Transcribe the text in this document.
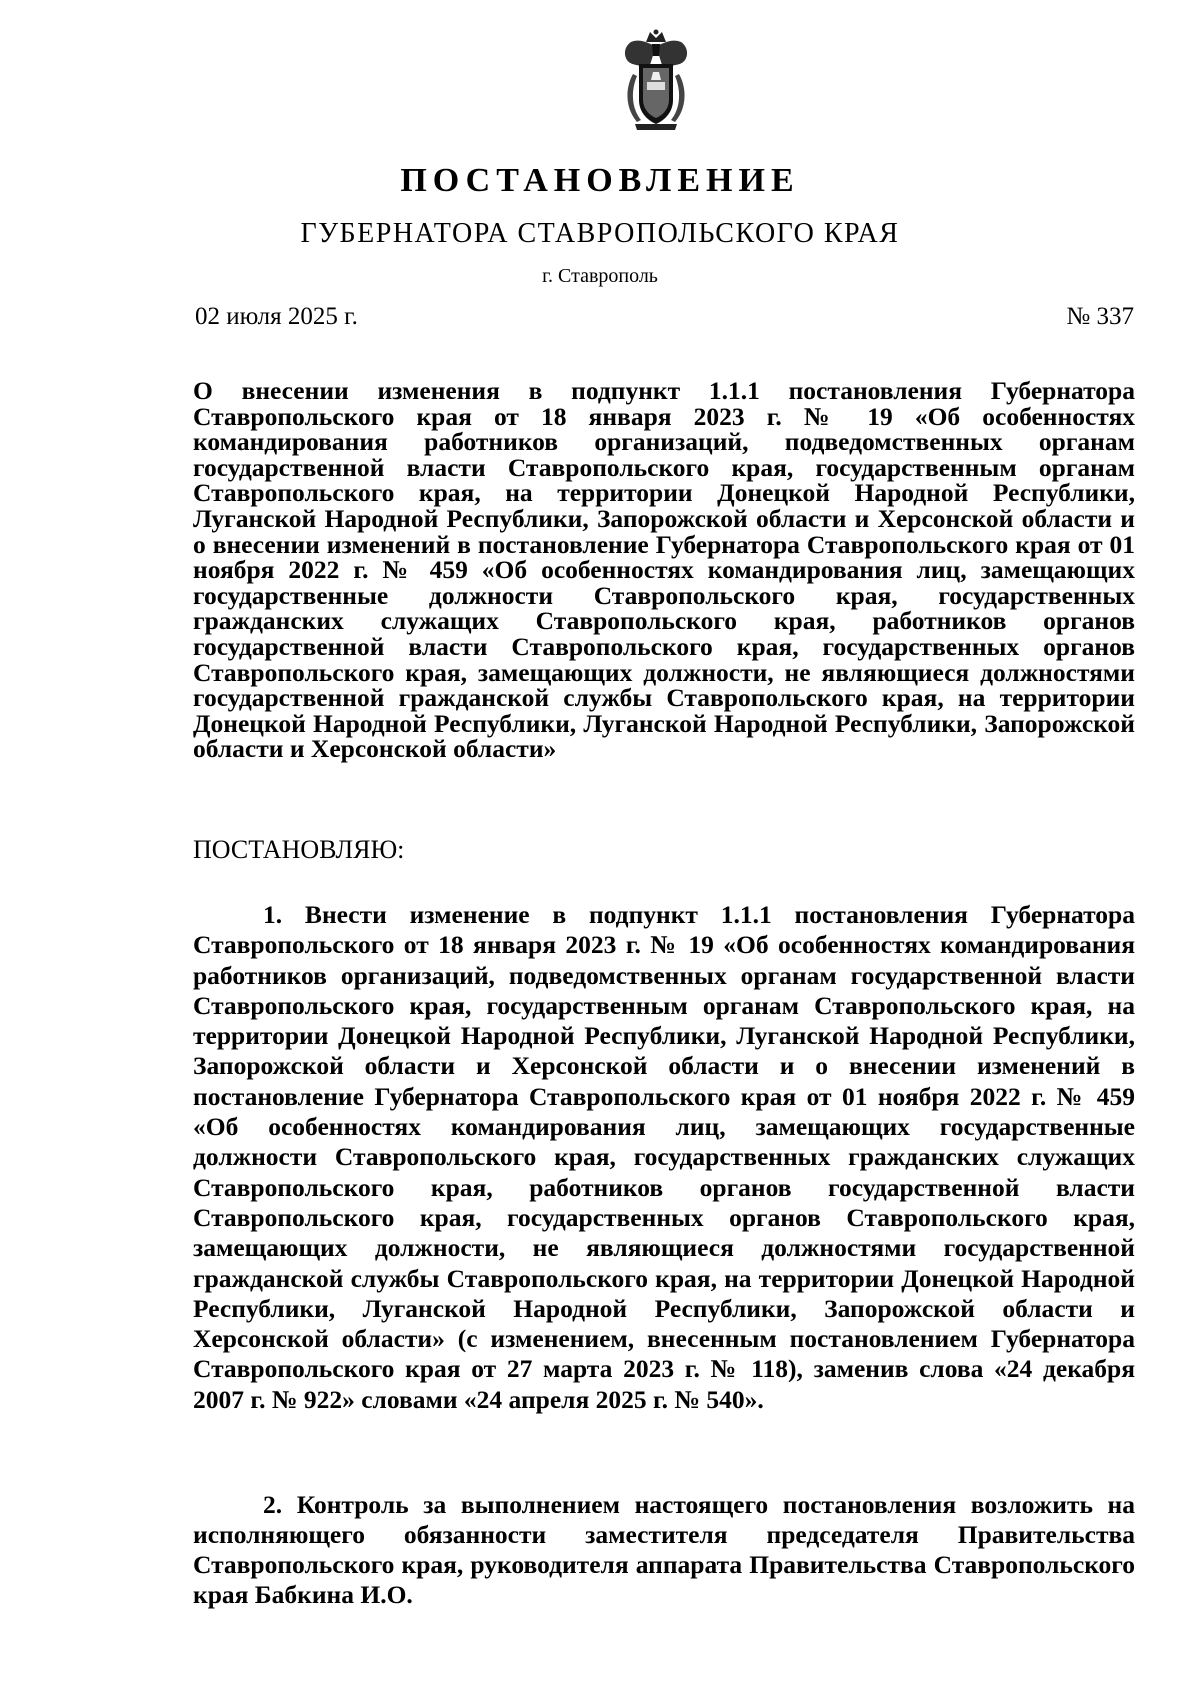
ПОСТАНОВЛЕНИЕ
ГУБЕРНАТОРА СТАВРОПОЛЬСКОГО КРАЯ
г. Ставрополь
02 июля 2025 г.	№ 337
О внесении изменения в подпункт 1.1.1 постановления Губернатора Ставропольского края от 18 января 2023 г. № 19 «Об особенностях командирования работников организаций, подведомственных органам государственной власти Ставропольского края, государственным органам Ставропольского края, на территории Донецкой Народной Республики, Луганской Народной Республики, Запорожской области и Херсонской области и о внесении изменений в постановление Губернатора Ставропольского края от 01 ноября 2022 г. № 459 «Об особенностях командирования лиц, замещающих государственные должности Ставропольского края, государственных гражданских служащих Ставропольского края, работников органов государственной власти Ставропольского края, государственных органов Ставропольского края, замещающих должности, не являющиеся должностями государственной гражданской службы Ставропольского края, на территории Донецкой Народной Республики, Луганской Народной Республики, Запорожской области и Херсонской области»
ПОСТАНОВЛЯЮ:
1. Внести изменение в подпункт 1.1.1 постановления Губернатора Ставропольского от 18 января 2023 г. № 19 «Об особенностях командирования работников организаций, подведомственных органам государственной власти Ставропольского края, государственным органам Ставропольского края, на территории Донецкой Народной Республики, Луганской Народной Республики, Запорожской области и Херсонской области и о внесении изменений в постановление Губернатора Ставропольского края от 01 ноября 2022 г. № 459 «Об особенностях командирования лиц, замещающих государственные должности Ставропольского края, государственных гражданских служащих Ставропольского края, работников органов государственной власти Ставропольского края, государственных органов Ставропольского края, замещающих должности, не являющиеся должностями государственной гражданской службы Ставропольского края, на территории Донецкой Народной Республики, Луганской Народной Республики, Запорожской области и Херсонской области» (с изменением, внесенным постановлением Губернатора Ставропольского края от 27 марта 2023 г. № 118), заменив слова «24 декабря 2007 г. № 922» словами «24 апреля 2025 г. № 540».
2. Контроль за выполнением настоящего постановления возложить на исполняющего обязанности заместителя председателя Правительства Ставропольского края, руководителя аппарата Правительства Ставропольского края Бабкина И.О.
